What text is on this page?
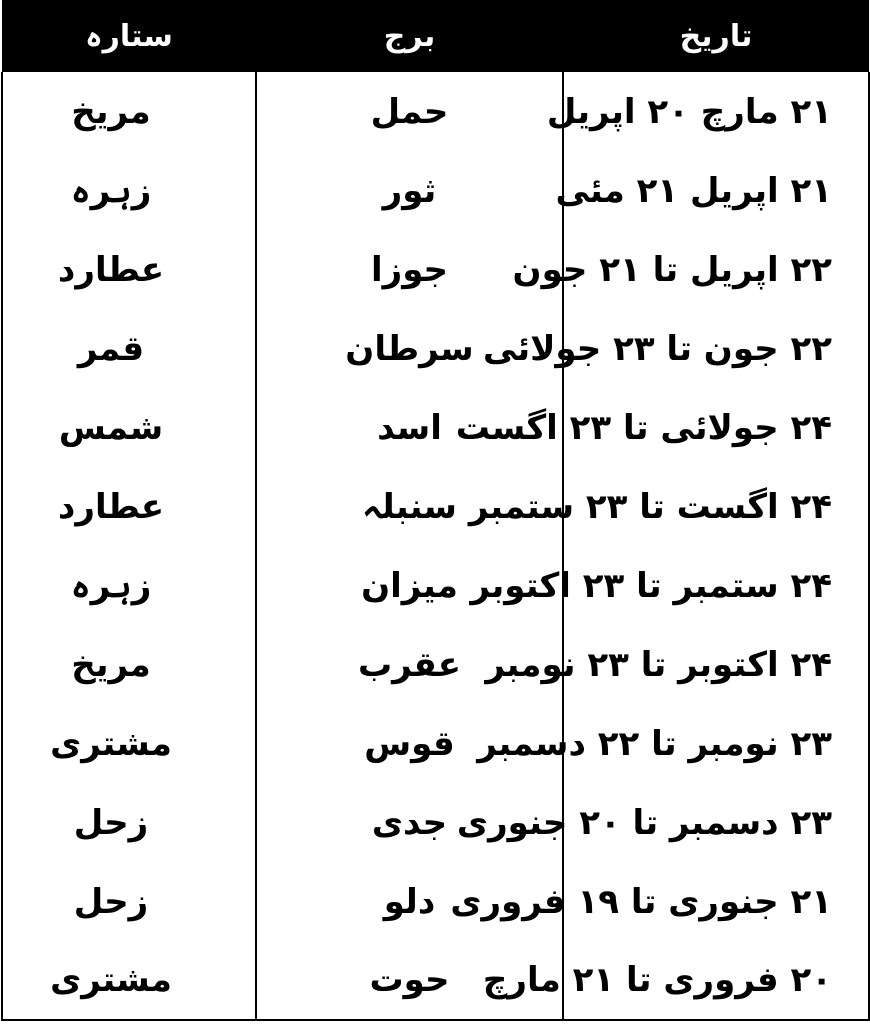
ستارہ	برج	تاریخ
مریخ	حمل	۲۱ مارچ ۲۰ اپریل
زہرہ	ثور	۲۱ اپریل ۲۱ مئی
عطارد	جوزا	۲۲ اپریل تا ۲۱ جون
قمر	سرطان	۲۲ جون تا ۲۳ جولائی
شمس	اسد	۲۴ جولائی تا ۲۳ اگست
عطارد	سنبلہ	۲۴ اگست تا ۲۳ ستمبر
زہرہ	میزان	۲۴ ستمبر تا ۲۳ اکتوبر
مریخ	عقرب	۲۴ اکتوبر تا ۲۳ نومبر
مشتری	قوس	۲۳ نومبر تا ۲۲ دسمبر
زحل	جدی	۲۳ دسمبر تا ۲۰ جنوری
زحل	دلو	۲۱ جنوری تا ۱۹ فروری
مشتری	حوت	۲۰ فروری تا ۲۱ مارچ
